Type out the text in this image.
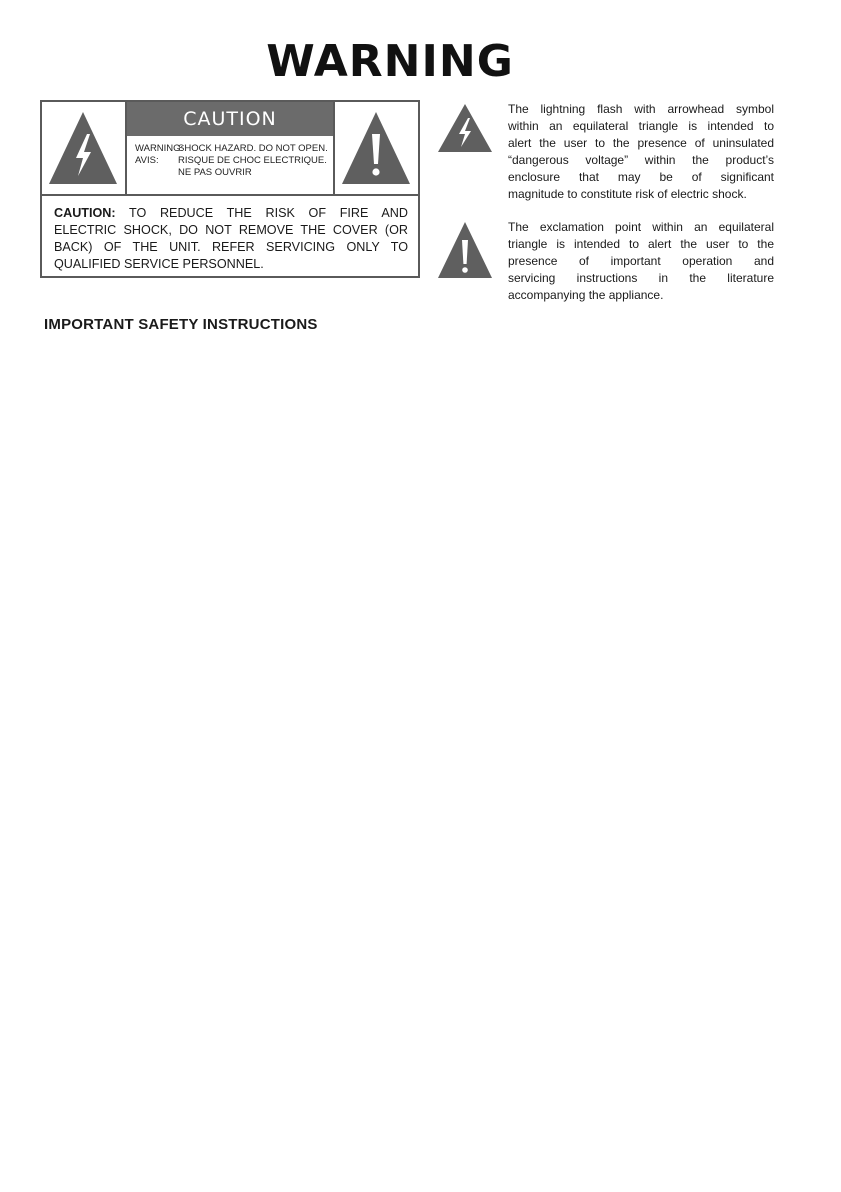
WARNING
CAUTION
WARNING:
SHOCK HAZARD. DO NOT OPEN.
AVIS:	RISQUE DE CHOC ELECTRIQUE.
NE PAS OUVRIR
CAUTION: TO REDUCE THE RISK OF FIRE AND
ELECTRIC SHOCK, DO NOT REMOVE THE COVER (OR
BACK) OF THE UNIT. REFER SERVICING ONLY TO
QUALIFIED SERVICE PERSONNEL.
The lightning flash with arrowhead symbol
within an equilateral triangle is intended to
alert the user to the presence of uninsulated
“dangerous voltage” within the product’s
enclosure that may be of significant
magnitude to constitute risk of electric shock.
The exclamation point within an equilateral
triangle is intended to alert the user to the
presence of important operation and
servicing instructions in the literature
accompanying the appliance.
IMPORTANT SAFETY INSTRUCTIONS
